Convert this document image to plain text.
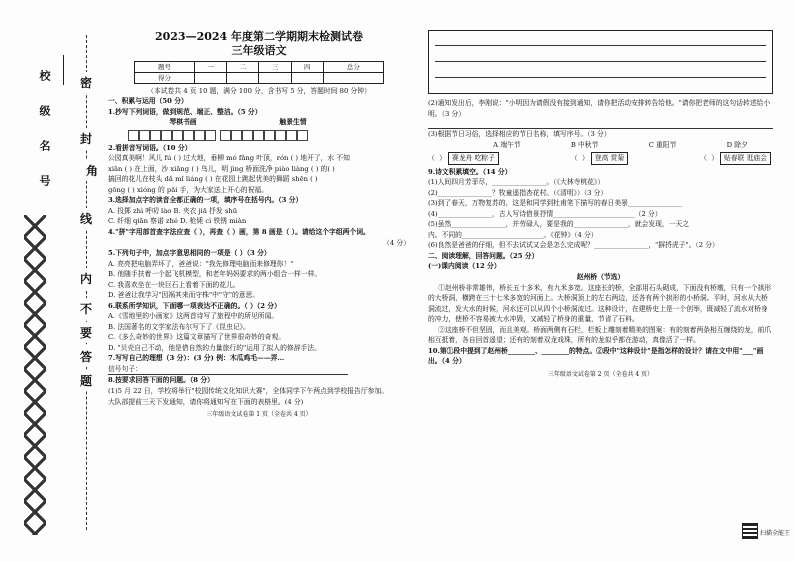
校
级
名
号
密
封
线
内
不
要
答
题
角
2023—2024 年度第二学期期末检测试卷
三年级语文
题号	一	二	三	四	总分
得分					

（本试卷共 4 页 10 题，满分 100 分，含书写 5 分，答题时间 80 分钟）

一、积累与运用（50 分）

1.抄写下列词语，做到规范、端正、整洁。（5 分）

琴棋书画	触景生情

2.看拼音写词语。（10 分）

公园真美啊！风儿 fú ( ) 过大地，垂柳 mó fǎng 叶顶，rón ( ) 地开了，水 不知

xiān ( ) 在上面，沙 xiǎng ( ) 鸟儿，明 jìng 桥面洗净 piào liàng ( ) 的( )

搞回的花儿在枝头 dǎ mǐ liáng ( ) 在花园上跳起优美的舞蹈 shēn ( )

gōng ( ) xióng 的 pāi 手，为大家送上开心的祝福。

3.选择加点字的读音全都正确的一项，填序号在括号内。（3 分）

A. 投掷 zhì 呼叨 lào B. 夹衣 jiā 抒发 shū

C. 纤细 qiān 察诺 zhé D. 枪毙 cì 铁锈 miàn

4."拼"字用部首查字法应查（ ），再查（ ）画，第 8 画是（ ）。请给这个字组两个词。

（4 分）

5.下列句子中，加点字意思相同的一项是（ ）（3 分）

A. 亮亮把电脑弄坏了，爸爸说："我先修理电脑而来修理你！"

B. 他随手扶着一个起飞机模型，和老年妈妈要求的两小组合一样一样。

C. 我喜欢坐在一块巨石上看着下面的花儿。

D. 爸爸让我学习"因祸其来而守株"中"守"的意思。

6.联系所学知识，下面哪一项表达不正确的。（ ）（2 分）

A.《雪地里的小画家》这两首诗写了旅程中的所见所闻。

B. 法国著名的文学家法布尔写下了《昆虫记》。

C.《多么奇妙的世界》这篇文章描写了世界很奇妙的奇观。

D. "贝壳自己不动，他是借自然的力量旅行的"运用了拟人的修辞手法。

7.写写自己的理想（3 分）：(3 分) 例：木瓜鸡毛——弄…

信号句子：

8.按要求回答下面的问题。（8 分）

(1)5 月 22 日，学校将举行"校园传统文化知识大赛"，全体同学下午两点到学校报告厅参加。

大队部提前三天下发通知，请你将通知写在下面的表格里。(4 分)

三年级语文试卷第 1 页（全卷共 4 页）

(2)通知发出后，李刚说："小明因为请假没有接到通知，请你把活动安排转告给他。"请你把老师的这句话转述给小明。（3 分）

(3)根据节日习俗，选择相应的节日名称，填写序号。（3 分）

A 端午节	B 中秋节	C 重阳节	D 除夕
（  ） 赛龙舟 吃粽子	（  ） 登高 赏菊	（  ） 贴春联 逛庙会

9.诗文积累填空。（14 分）

(1)人间四月芳菲尽，________________。（《大林寺桃花》）

(2)________________？牧童遥指杏花村。（《清明》）（3 分）

(3)到了春天，万物复苏的，这是和同学到杜甫笔下描写的春日美景________________

(4)________________，古人写诗借景抒情________________________（2 分）

(5)虽然________________，并劳碌人，要是我的________________，就会发现，一天之

内。不同的________________________。《花钟》（4 分）

(6)良然是爸爸的仔细，但不去试试又会是怎么完成呢？________________，"摒捋虎子"。（2 分）

二、阅读理解，回答问题。（25 分）

(一)课内阅读（12 分）

赵州桥（节选）

①赵州桥非常雄伟，桥长五十多米，有九米多宽。这座长的桥，全部用石头砌成，下面没有桥墩，只有一个拱形的大桥洞，横跨在三十七米多宽的河面上。大桥洞顶上的左右两边，还各有两个拱形的小桥洞。平时，河水从大桥洞流过，发大水的时候，河水还可以从四个小桥洞流过。这种设计，在建桥史上是一个创举，既减轻了流水对桥身的冲力，使桥不容易被大水冲毁，又减轻了桥身的重量，节省了石料。

②这座桥不但坚固，而且美观。桥面两侧有石栏，栏板上雕刻着精美的图案：有的刻着两条相互缠绕的龙，前爪相互抵着，各自回首遥望；还有的刻着双龙戏珠，所有的龙似乎都在游动，真像活了一样。

10.第①段中提到了赵州桥________、________的特点。②段中"这种设计"是指怎样的设计？请在文中用"___"画出。（4 分）

三年级语文试卷第 2 页（全卷共 4 页）
扫描全能王
